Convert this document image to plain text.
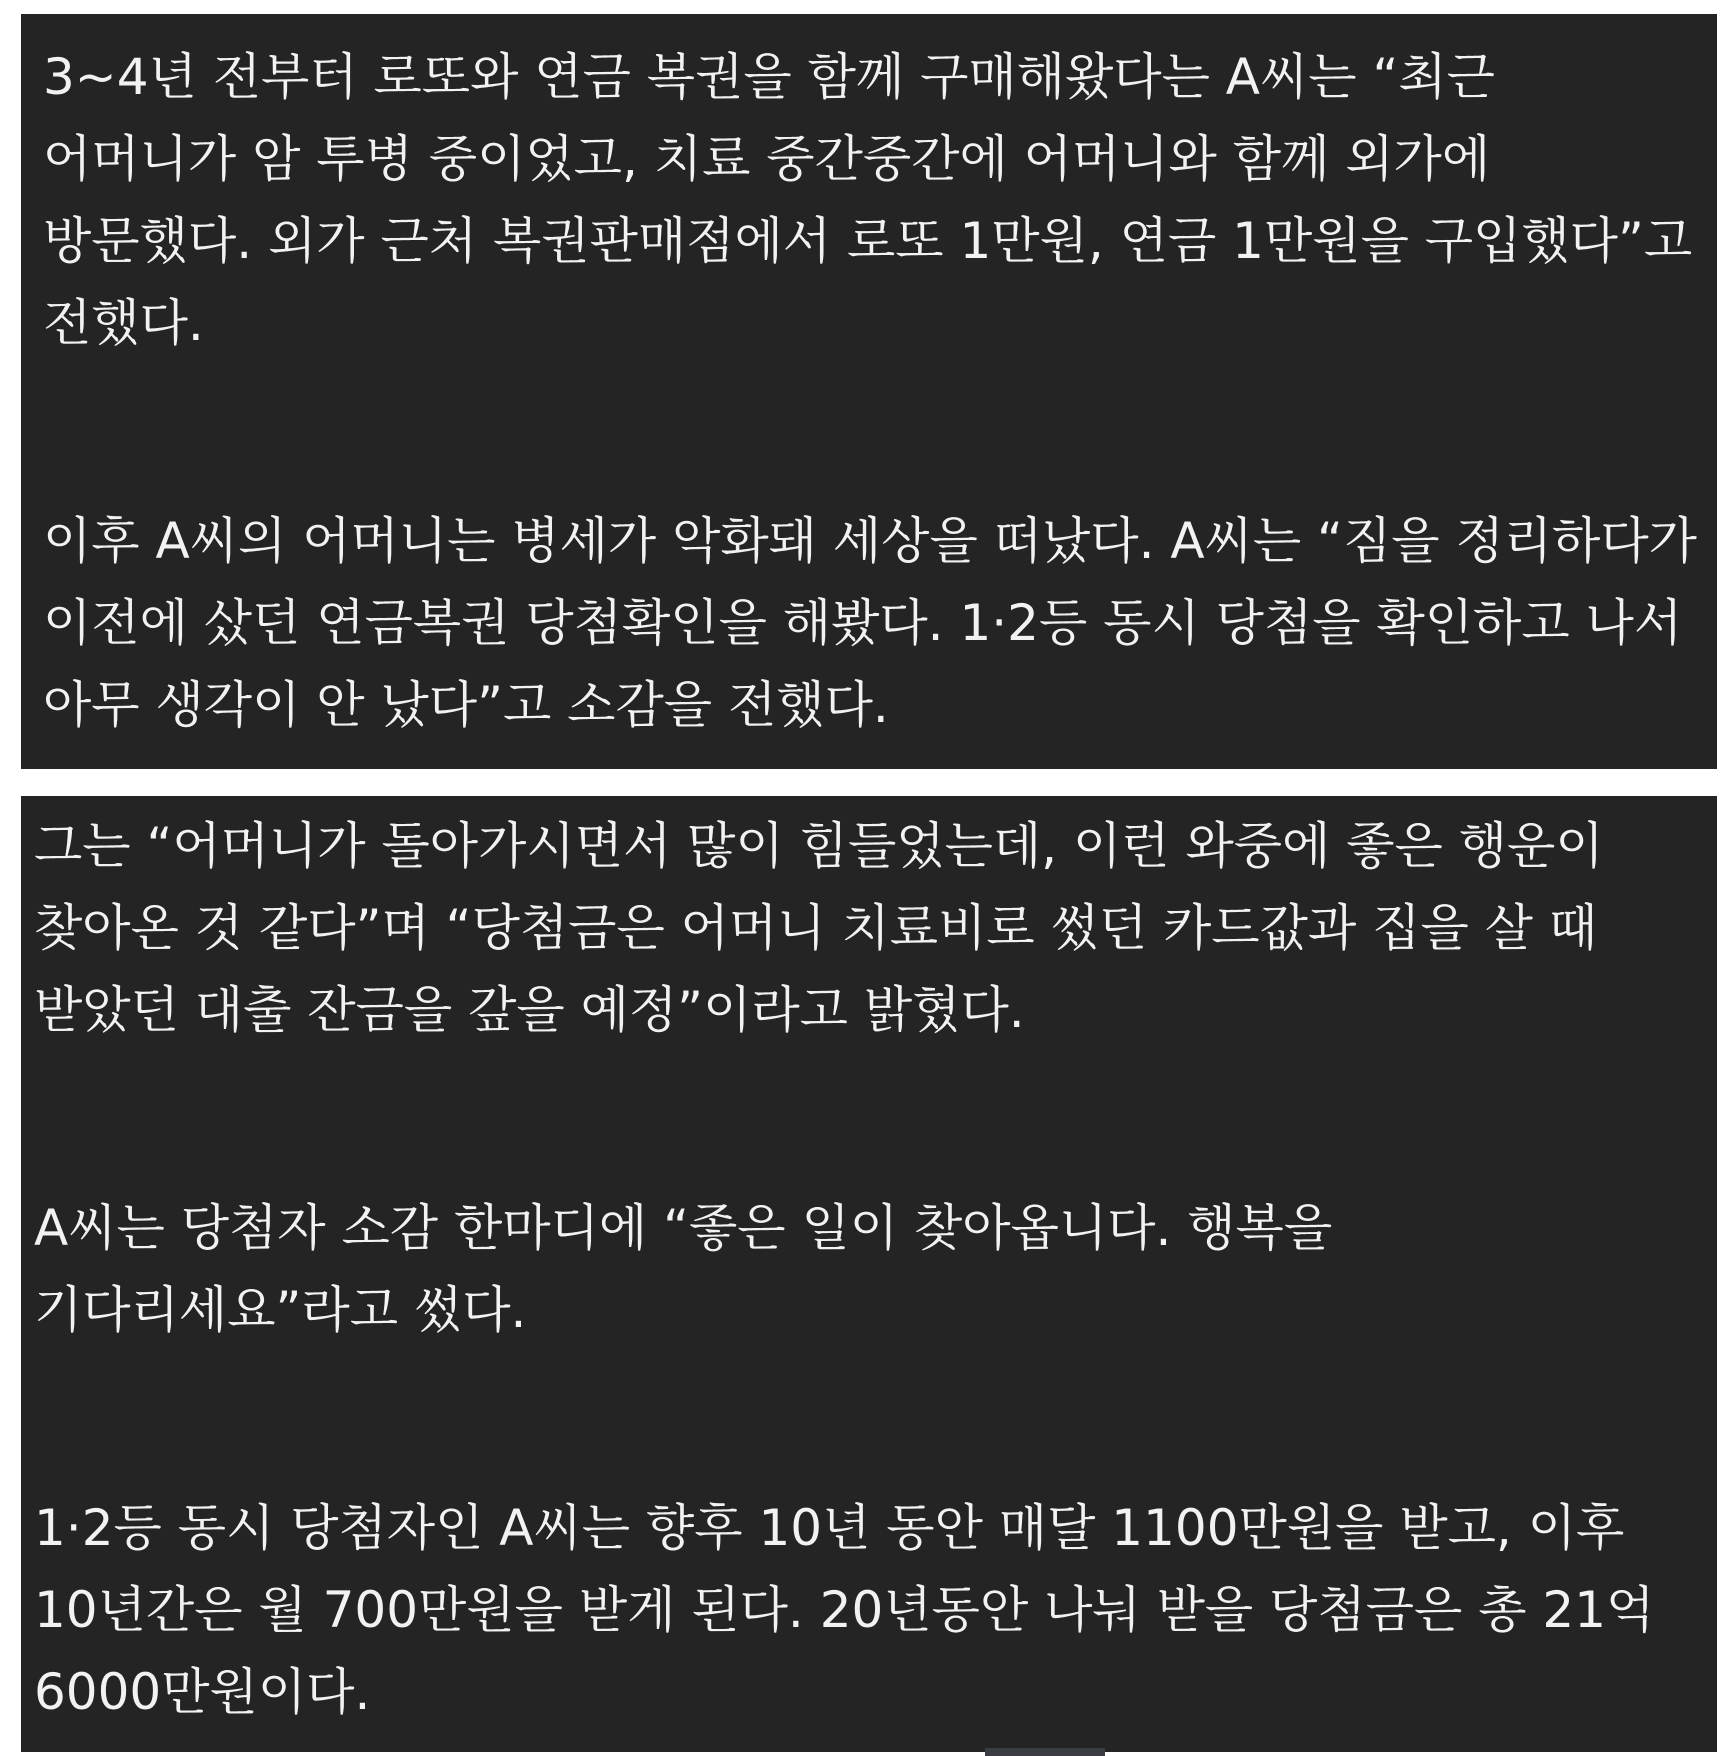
3~4년 전부터 로또와 연금 복권을 함께 구매해왔다는 A씨는 “최근 어머니가 암 투병 중이었고, 치료 중간중간에 어머니와 함께 외가에 방문했다. 외가 근처 복권판매점에서 로또 1만원, 연금 1만원을 구입했다”고 전했다.

이후 A씨의 어머니는 병세가 악화돼 세상을 떠났다. A씨는 “짐을 정리하다가 이전에 샀던 연금복권 당첨확인을 해봤다. 1·2등 동시 당첨을 확인하고 나서 아무 생각이 안 났다”고 소감을 전했다.

그는 “어머니가 돌아가시면서 많이 힘들었는데, 이런 와중에 좋은 행운이 찾아온 것 같다”며 “당첨금은 어머니 치료비로 썼던 카드값과 집을 살 때 받았던 대출 잔금을 갚을 예정”이라고 밝혔다.

A씨는 당첨자 소감 한마디에 “좋은 일이 찾아옵니다. 행복을 기다리세요”라고 썼다.

1·2등 동시 당첨자인 A씨는 향후 10년 동안 매달 1100만원을 받고, 이후 10년간은 월 700만원을 받게 된다. 20년동안 나눠 받을 당첨금은 총 21억 6000만원이다.
